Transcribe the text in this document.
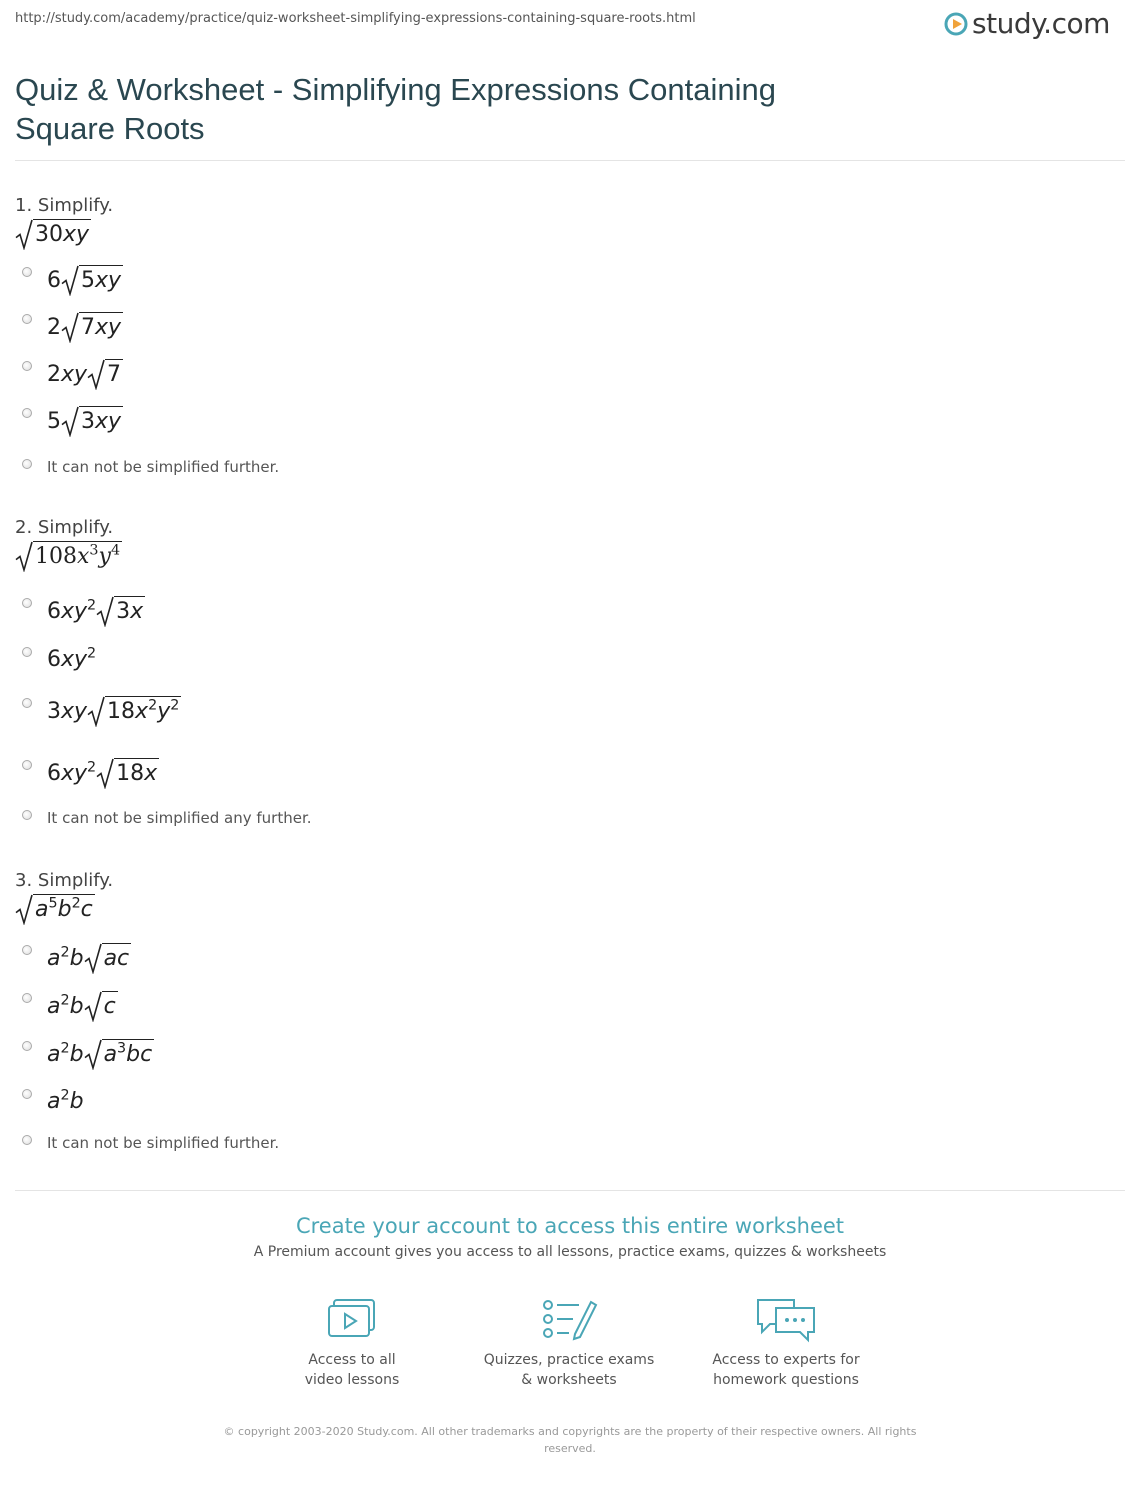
http://study.com/academy/practice/quiz-worksheet-simplifying-expressions-containing-square-roots.html	study.com
Quiz & Worksheet - Simplifying Expressions Containing Square Roots
1. Simplify.
30xy
6 5xy
2 7xy
2xy 7
5 3xy
It can not be simplified further.
2. Simplify.
$108x^3y^4$
$6xy^2$ 3x
$6xy^2$
3xy $18x^2y^2$
$6xy^2$ 18x
It can not be simplified any further.
3. Simplify.
$a^5b^2c$
$a^2b$ ac
$a^2b$ c
$a^2b$ $a^3bc$
$a^2b$
It can not be simplified further.
Create your account to access this entire worksheet
A Premium account gives you access to all lessons, practice exams, quizzes & worksheets
Access to all
video lessons
Quizzes, practice exams
& worksheets
Access to experts for
homework questions
© copyright 2003-2020 Study.com. All other trademarks and copyrights are the property of their respective owners. All rights reserved.
